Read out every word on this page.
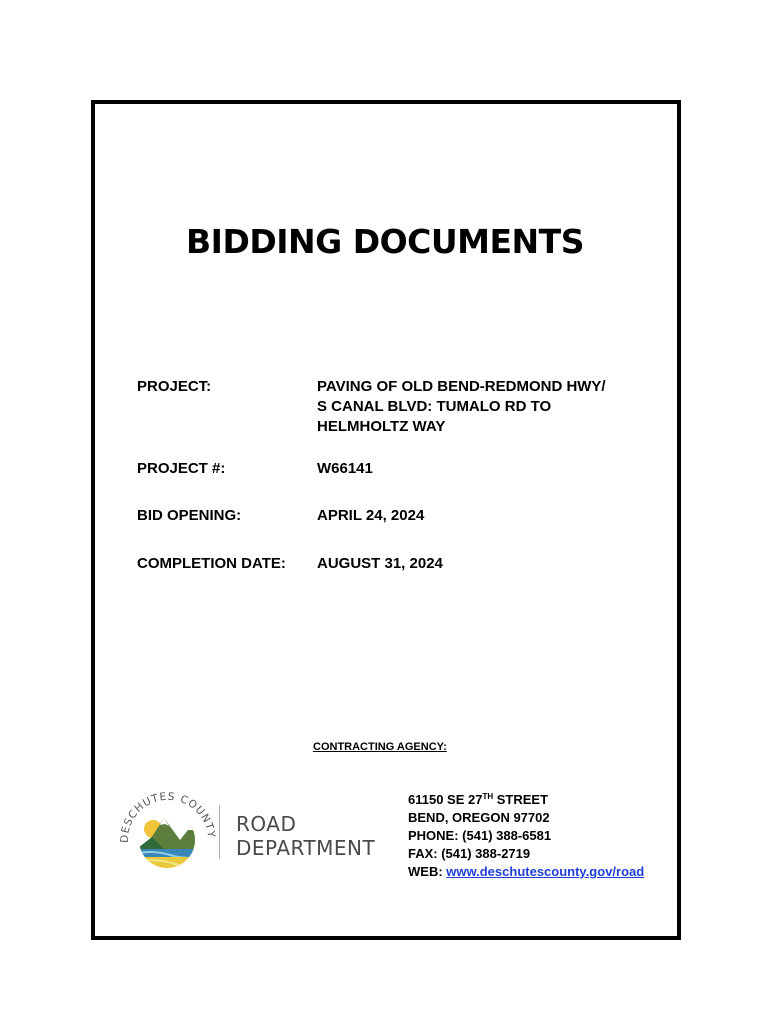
BIDDING DOCUMENTS
PROJECT:	PAVING OF OLD BEND-REDMOND HWY/
S CANAL BLVD: TUMALO RD TO
HELMHOLTZ WAY
PROJECT #:	W66141
BID OPENING:	APRIL 24, 2024
COMPLETION DATE: AUGUST 31, 2024
CONTRACTING AGENCY:
ESCHUTES COUNTY ROAD
DEPARTMENT
61150 SE 27TH STREET
BEND, OREGON 97702
PHONE: (541) 388-6581
FAX: (541) 388-2719
WEB: www.deschutescounty.gov/road
